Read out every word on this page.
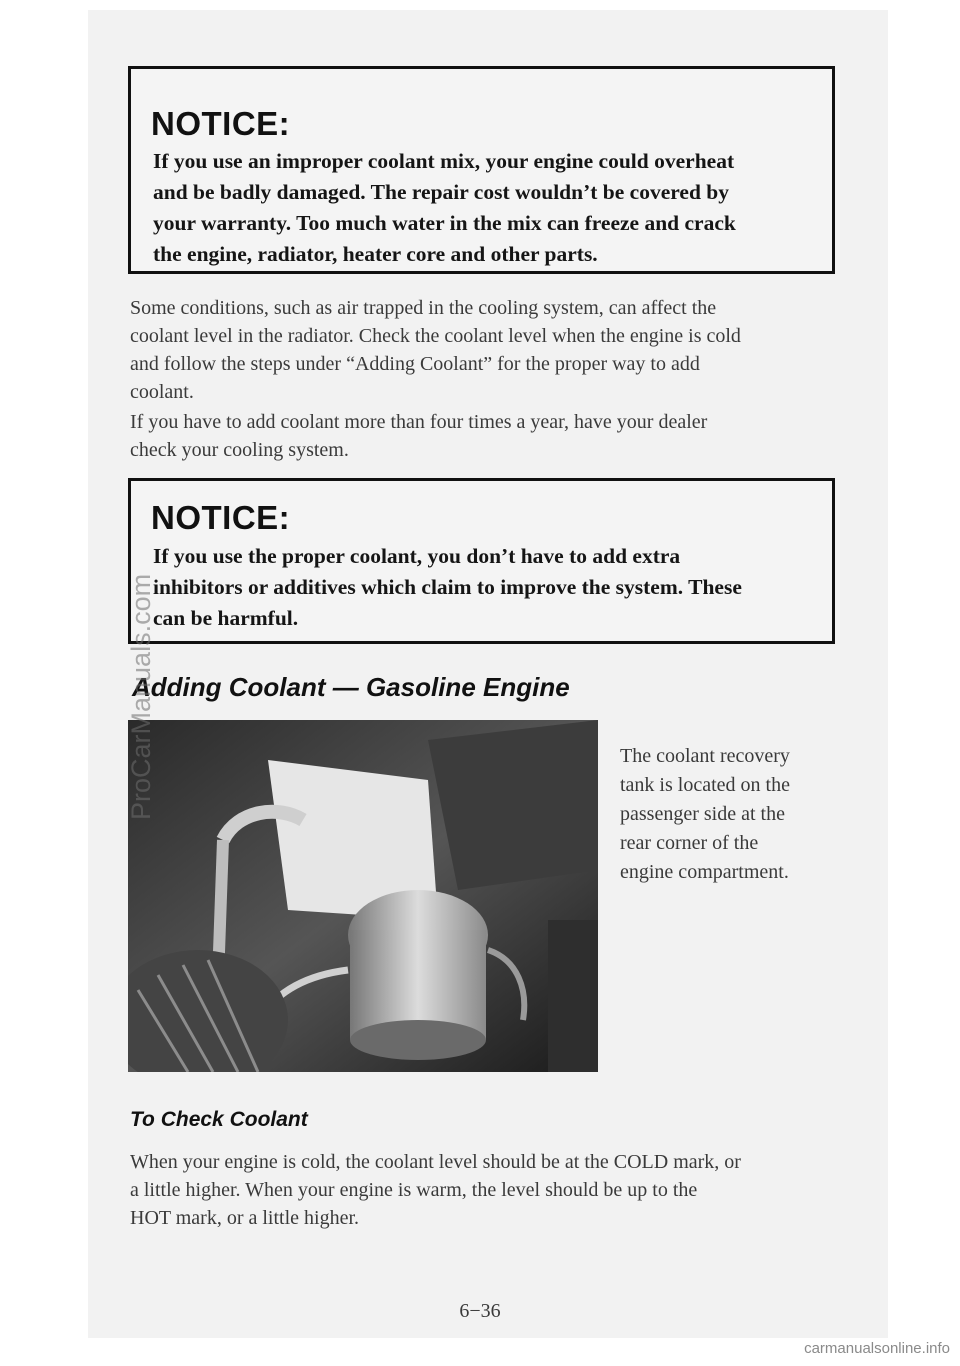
NOTICE:
If you use an improper coolant mix, your engine could overheat
and be badly damaged. The repair cost wouldn’t be covered by
your warranty. Too much water in the mix can freeze and crack
the engine, radiator, heater core and other parts.
Some conditions, such as air trapped in the cooling system, can affect the
coolant level in the radiator. Check the coolant level when the engine is cold
and follow the steps under “Adding Coolant” for the proper way to add
coolant.
If you have to add coolant more than four times a year, have your dealer
check your cooling system.
NOTICE:
If you use the proper coolant, you don’t have to add extra
inhibitors or additives which claim to improve the system. These
can be harmful.
Adding Coolant — Gasoline Engine
The coolant recovery
tank is located on the
passenger side at the
rear corner of the
engine compartment.
To Check Coolant
When your engine is cold, the coolant level should be at the COLD mark, or
a little higher. When your engine is warm, the level should be up to the
HOT mark, or a little higher.
6−36
ProCarManuals.com
carmanualsonline.info
